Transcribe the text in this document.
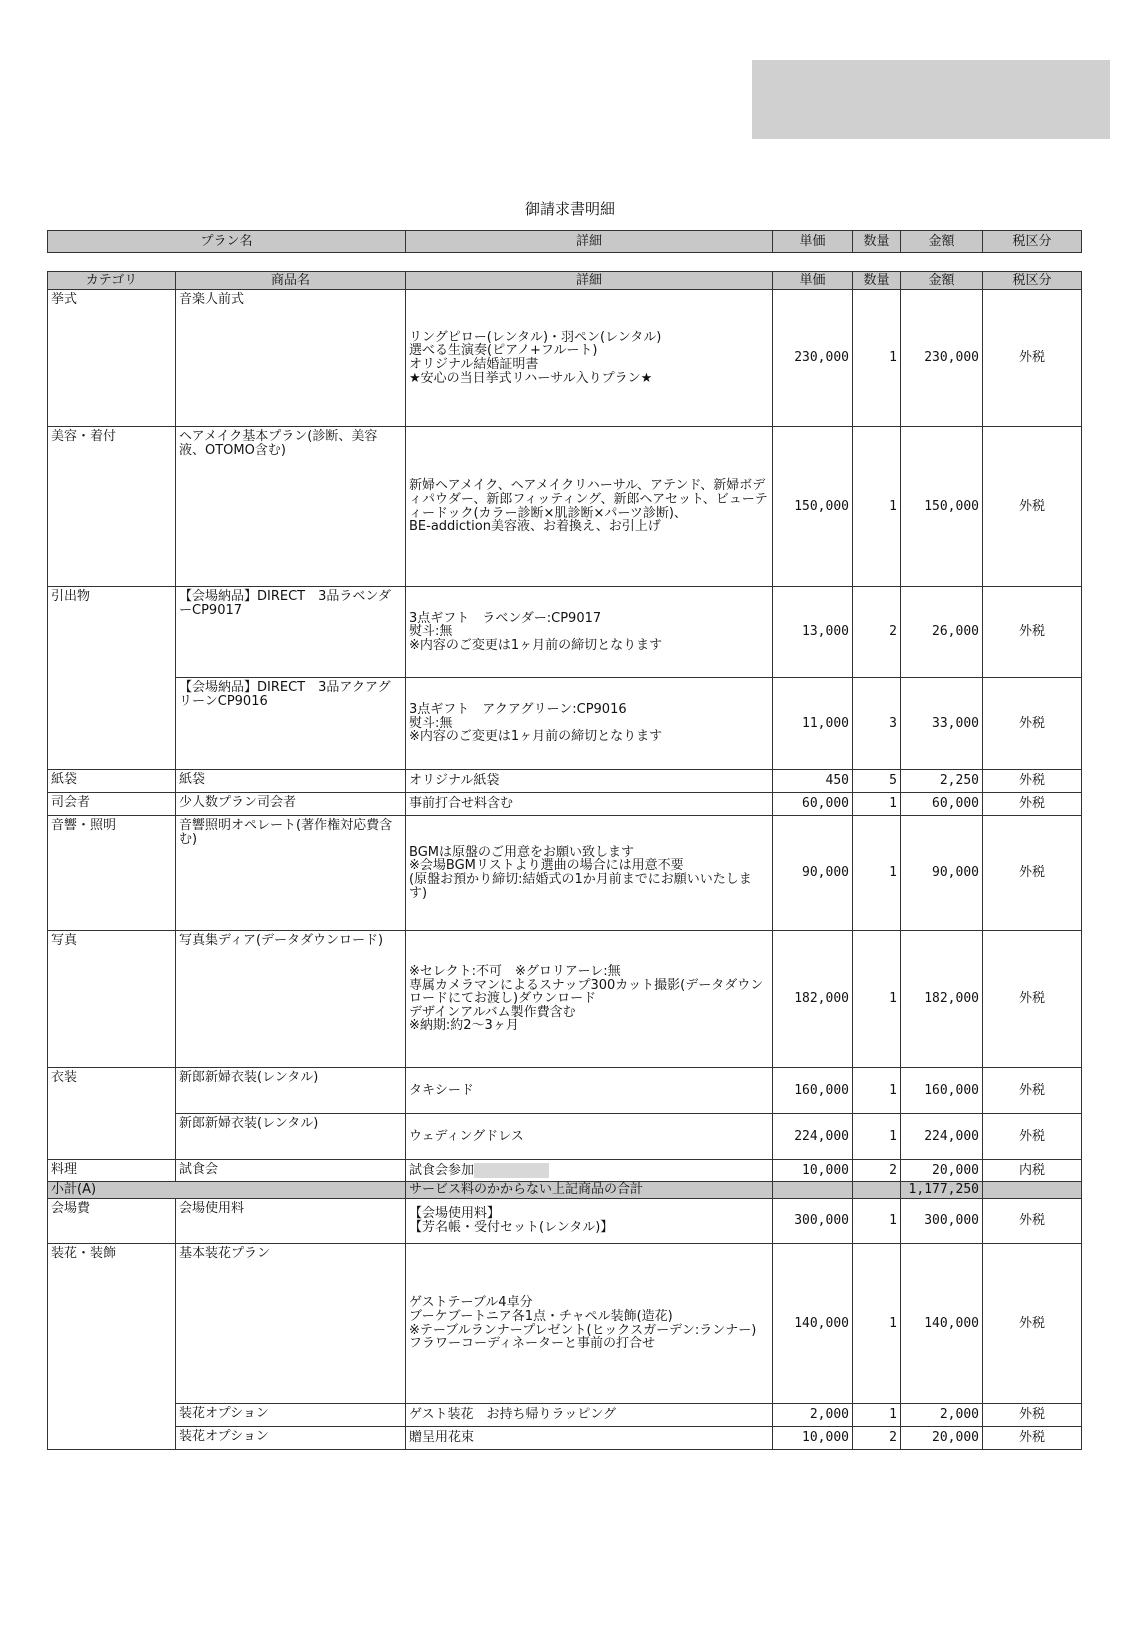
御請求書明細
プラン名	詳細	単価	数量	金額	税区分
カテゴリ	商品名	詳細	単価	数量	金額	税区分
挙式	音楽人前式	リングピロー(レンタル)・羽ペン(レンタル)
選べる生演奏(ピアノ+フルート)
オリジナル結婚証明書
★安心の当日挙式リハーサル入りプラン★	230,000	1	230,000	外税
美容・着付	ヘアメイク基本プラン(診断、美容液、OTOMO含む)	新婦ヘアメイク、ヘアメイクリハーサル、アテンド、新婦ボディパウダー、新郎フィッティング、新郎ヘアセット、ビューティードック(カラー診断×肌診断×パーツ診断)、
BE-addiction美容液、お着換え、お引上げ	150,000	1	150,000	外税
引出物	【会場納品】DIRECT　3品ラベンダーCP9017	3点ギフト　ラベンダー:CP9017
熨斗:無
※内容のご変更は1ヶ月前の締切となります	13,000	2	26,000	外税
	【会場納品】DIRECT　3品アクアグリーンCP9016	3点ギフト　アクアグリーン:CP9016
熨斗:無
※内容のご変更は1ヶ月前の締切となります	11,000	3	33,000	外税
紙袋	紙袋	オリジナル紙袋	450	5	2,250	外税
司会者	少人数プラン司会者	事前打合せ料含む	60,000	1	60,000	外税
音響・照明	音響照明オペレート(著作権対応費含む)	BGMは原盤のご用意をお願い致します
※会場BGMリストより選曲の場合には用意不要
(原盤お預かり締切:結婚式の1か月前までにお願いいたします)	90,000	1	90,000	外税
写真	写真集ディア(データダウンロード)	※セレクト:不可　※グロリアーレ:無
専属カメラマンによるスナップ300カット撮影(データダウンロードにてお渡し)ダウンロード
デザインアルバム製作費含む
※納期:約2〜3ヶ月	182,000	1	182,000	外税
衣装	新郎新婦衣装(レンタル)	タキシード	160,000	1	160,000	外税
	新郎新婦衣装(レンタル)	ウェディングドレス	224,000	1	224,000	外税
料理	試食会	試食会参加	10,000	2	20,000	内税
小計(A)		サービス料のかからない上記商品の合計			1,177,250	
会場費	会場使用料	【会場使用料】
【芳名帳・受付セット(レンタル)】	300,000	1	300,000	外税
装花・装飾	基本装花プラン	ゲストテーブル4卓分
ブーケブートニア各1点・チャペル装飾(造花)
※テーブルランナープレゼント(ヒックスガーデン:ランナー)
フラワーコーディネーターと事前の打合せ	140,000	1	140,000	外税
	装花オプション	ゲスト装花　お持ち帰りラッピング	2,000	1	2,000	外税
	装花オプション	贈呈用花束	10,000	2	20,000	外税
